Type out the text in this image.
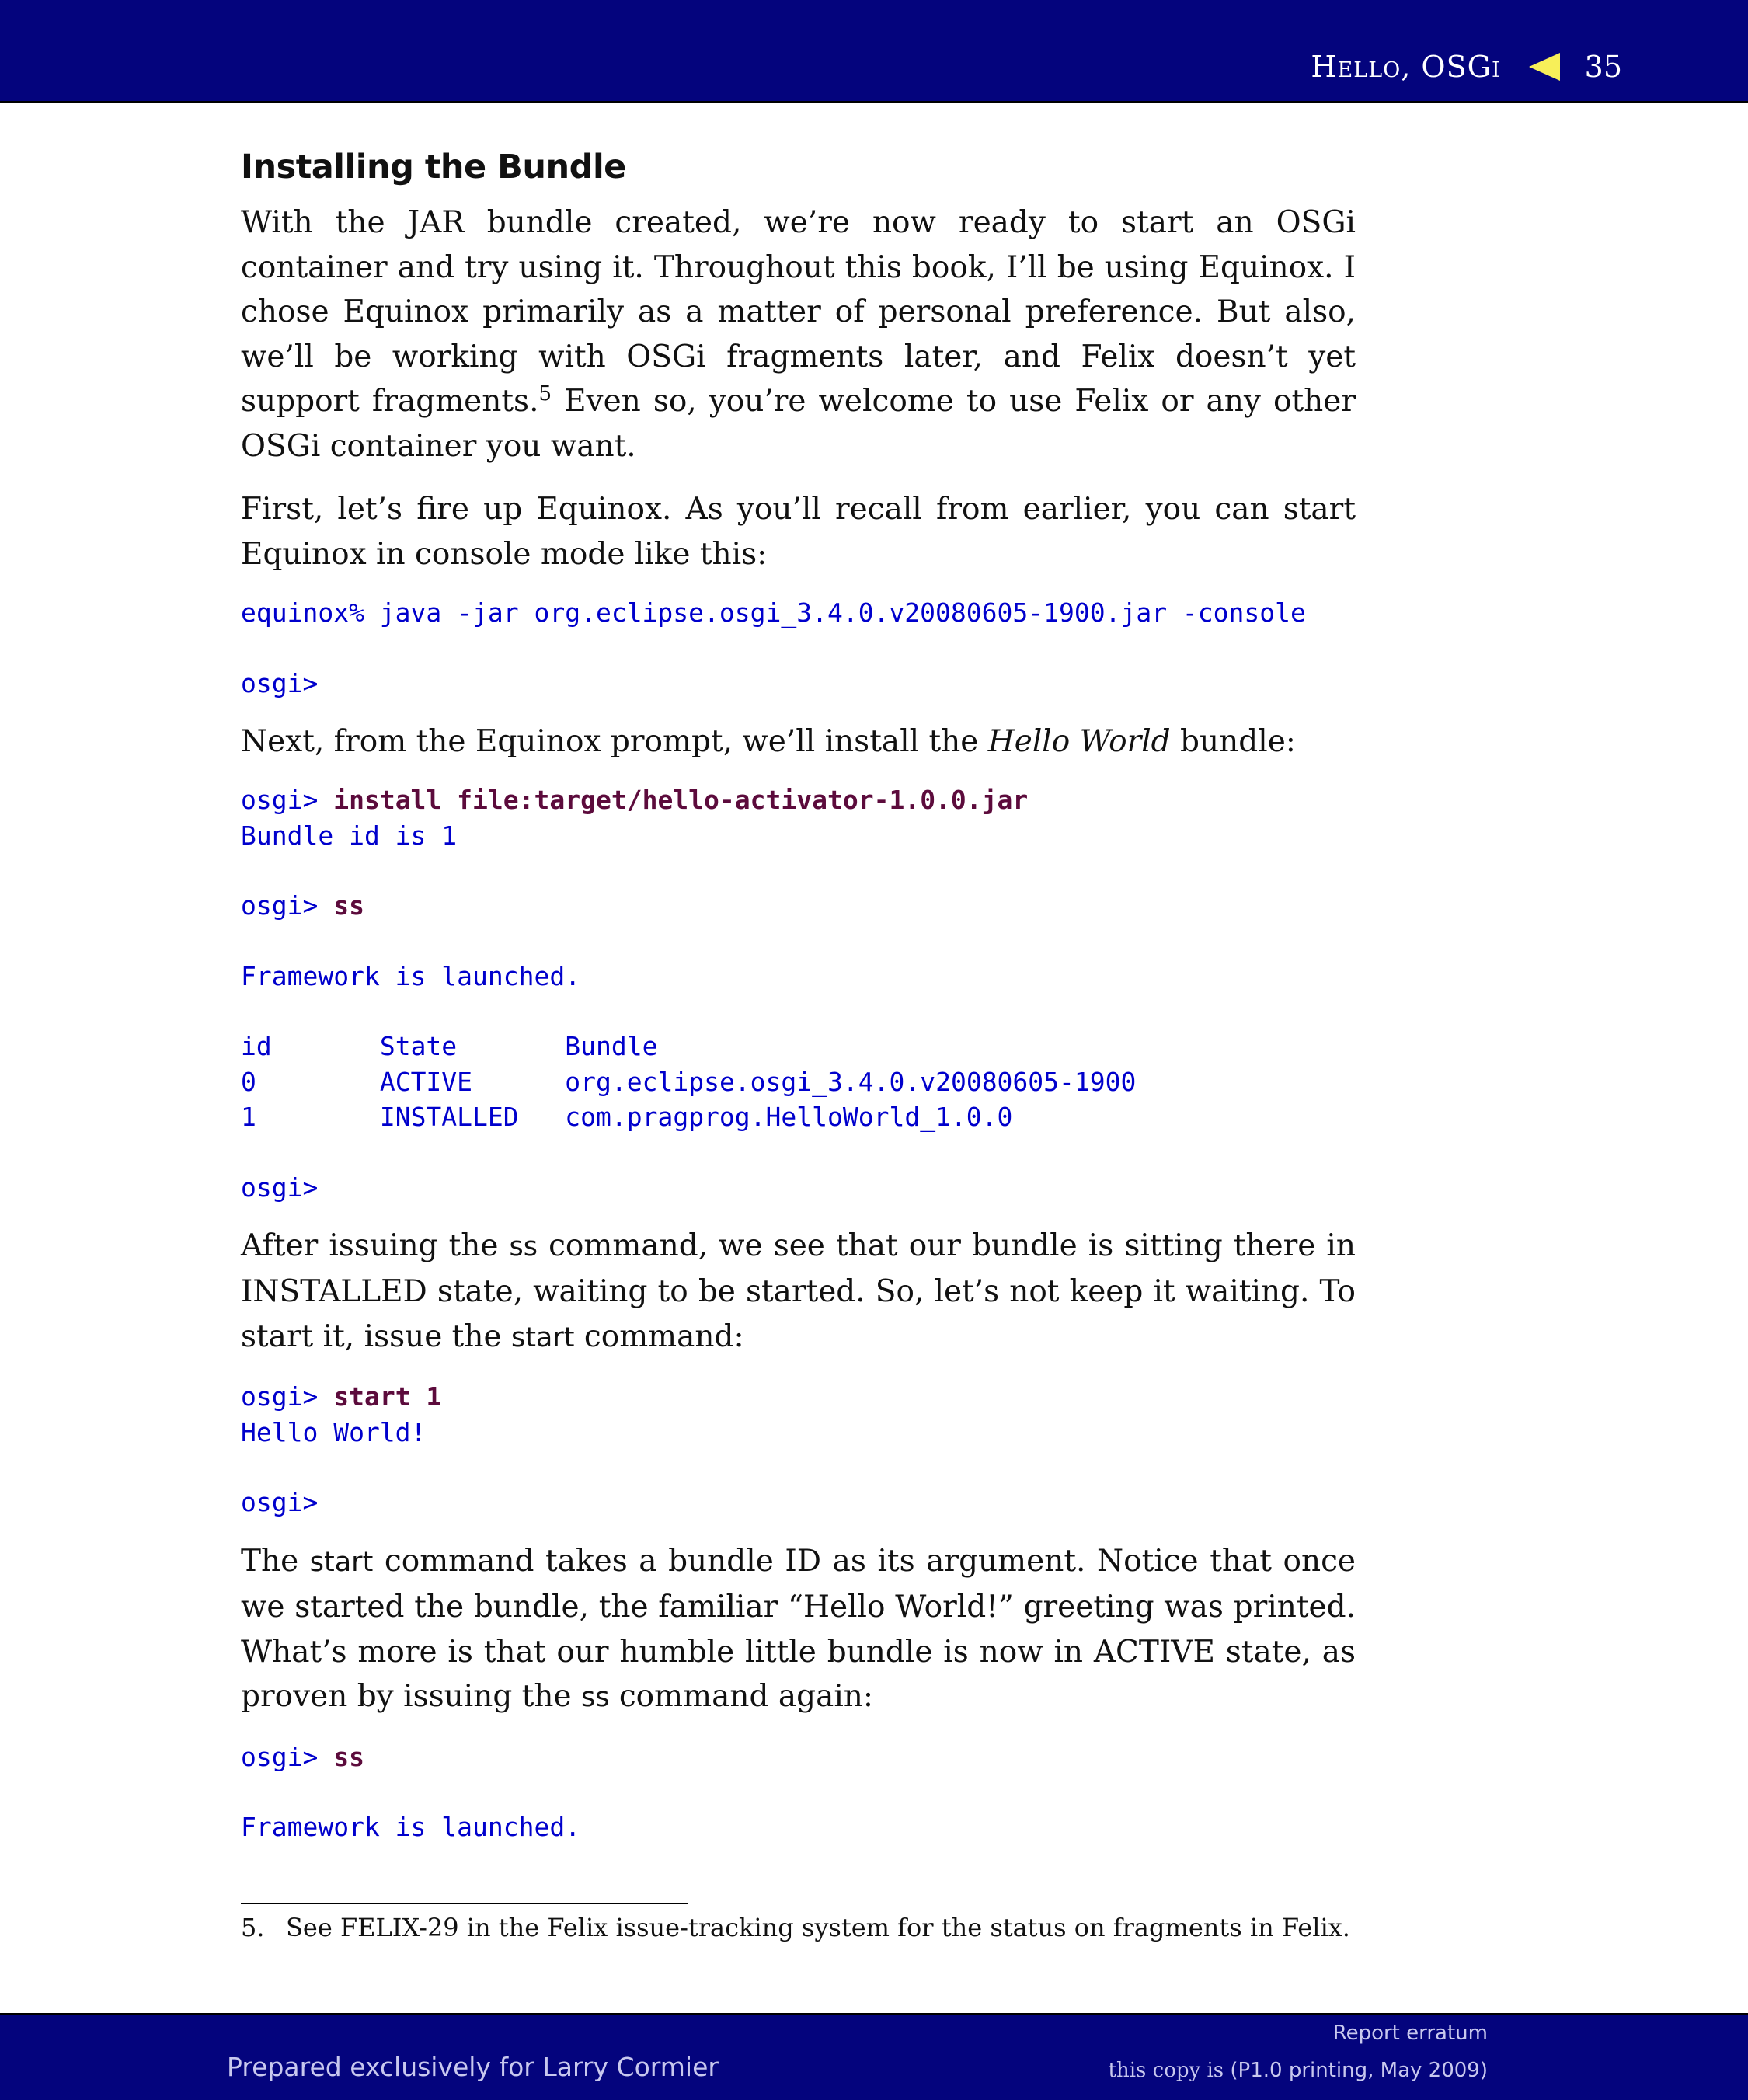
Hello, OSGi	35
Installing the Bundle

With the JAR bundle created, we’re now ready to start an OSGi container and try using it. Throughout this book, I’ll be using Equinox. I chose Equinox primarily as a matter of personal preference. But also, we’ll be working with OSGi fragments later, and Felix doesn’t yet support fragments.$^5$ Even so, you’re welcome to use Felix or any other OSGi container you want.

First, let’s fire up Equinox. As you’ll recall from earlier, you can start Equinox in console mode like this:

equinox% java -jar org.eclipse.osgi_3.4.0.v20080605-1900.jar -console

osgi>

Next, from the Equinox prompt, we’ll install the Hello World bundle:

osgi> install file:target/hello-activator-1.0.0.jar
Bundle id is 1

osgi> ss

Framework is launched.

id	State	Bundle
0	ACTIVE	org.eclipse.osgi_3.4.0.v20080605-1900
1	INSTALLED com.pragprog.HelloWorld_1.0.0

osgi>

After issuing the ss command, we see that our bundle is sitting there in INSTALLED state, waiting to be started. So, let’s not keep it waiting. To start it, issue the start command:

osgi> start 1
Hello World!

osgi>

The start command takes a bundle ID as its argument. Notice that once we started the bundle, the familiar “Hello World!” greeting was printed. What’s more is that our humble little bundle is now in ACTIVE state, as proven by issuing the ss command again:

osgi> ss

Framework is launched.
5. See FELIX-29 in the Felix issue-tracking system for the status on fragments in Felix.
Prepared exclusively for Larry Cormier
Report erratum
this copy is (P1.0 printing, May 2009)
